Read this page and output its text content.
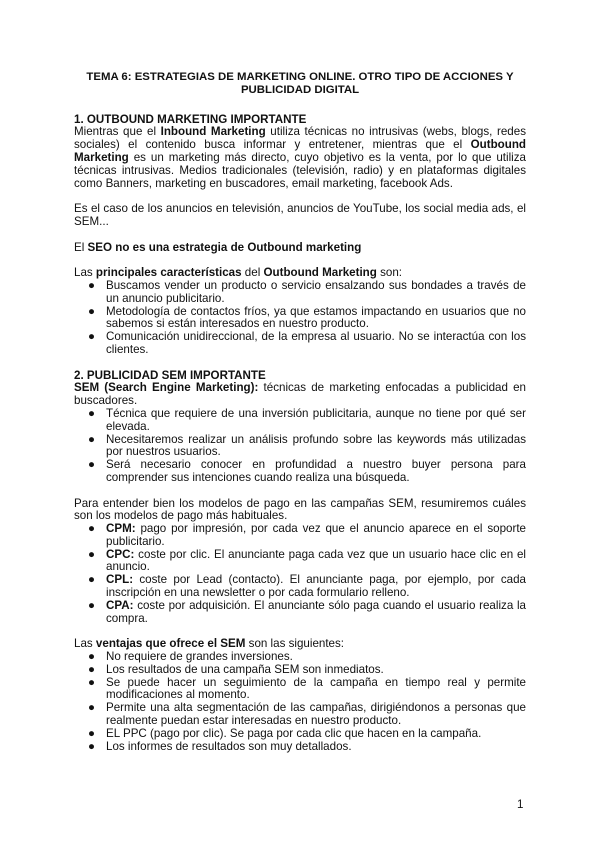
TEMA 6: ESTRATEGIAS DE MARKETING ONLINE. OTRO TIPO DE ACCIONES Y PUBLICIDAD DIGITAL
1. OUTBOUND MARKETING IMPORTANTE

Mientras que el Inbound Marketing utiliza técnicas no intrusivas (webs, blogs, redes sociales) el contenido busca informar y entretener, mientras que el Outbound Marketing es un marketing más directo, cuyo objetivo es la venta, por lo que utiliza técnicas intrusivas. Medios tradicionales (televisión, radio) y en plataformas digitales como Banners, marketing en buscadores, email marketing, facebook Ads.

Es el caso de los anuncios en televisión, anuncios de YouTube, los social media ads, el SEM...

El SEO no es una estrategia de Outbound marketing

Las principales características del Outbound Marketing son:

● Buscamos vender un producto o servicio ensalzando sus bondades a través de un anuncio publicitario.
● Metodología de contactos fríos, ya que estamos impactando en usuarios que no sabemos si están interesados en nuestro producto.
● Comunicación unidireccional, de la empresa al usuario. No se interactúa con los clientes.
2. PUBLICIDAD SEM IMPORTANTE

SEM (Search Engine Marketing): técnicas de marketing enfocadas a publicidad en buscadores.

● Técnica que requiere de una inversión publicitaria, aunque no tiene por qué ser elevada.
● Necesitaremos realizar un análisis profundo sobre las keywords más utilizadas por nuestros usuarios.
● Será necesario conocer en profundidad a nuestro buyer persona para comprender sus intenciones cuando realiza una búsqueda.

Para entender bien los modelos de pago en las campañas SEM, resumiremos cuáles son los modelos de pago más habituales.

● CPM: pago por impresión, por cada vez que el anuncio aparece en el soporte publicitario.
● CPC: coste por clic. El anunciante paga cada vez que un usuario hace clic en el anuncio.
● CPL: coste por Lead (contacto). El anunciante paga, por ejemplo, por cada inscripción en una newsletter o por cada formulario relleno.
● CPA: coste por adquisición. El anunciante sólo paga cuando el usuario realiza la compra.

Las ventajas que ofrece el SEM son las siguientes:

● No requiere de grandes inversiones.
● Los resultados de una campaña SEM son inmediatos.
● Se puede hacer un seguimiento de la campaña en tiempo real y permite modificaciones al momento.
● Permite una alta segmentación de las campañas, dirigiéndonos a personas que realmente puedan estar interesadas en nuestro producto.
● EL PPC (pago por clic). Se paga por cada clic que hacen en la campaña.
● Los informes de resultados son muy detallados.
1
